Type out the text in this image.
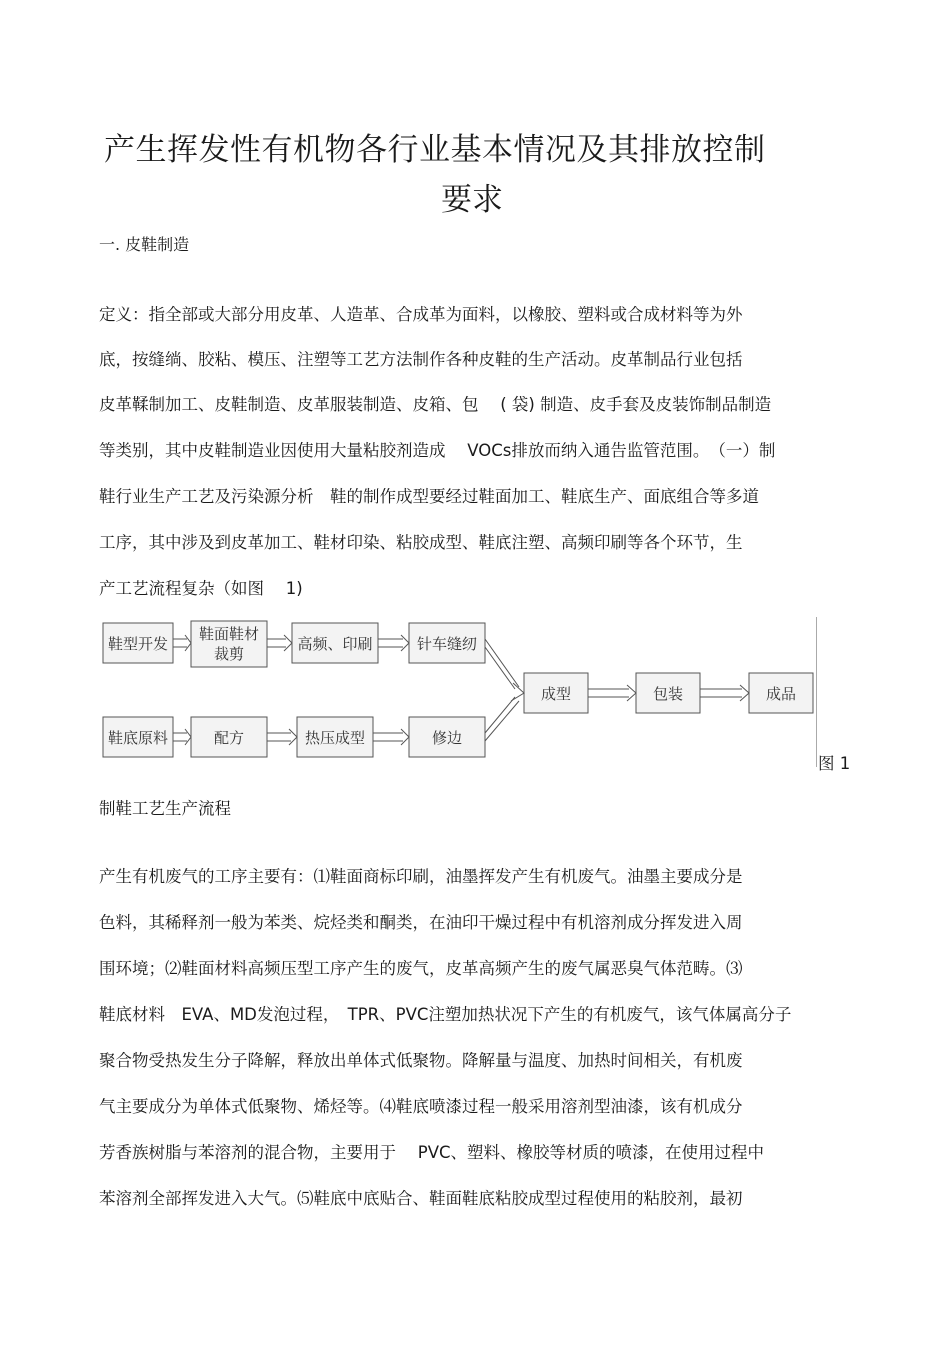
产生挥发性有机物各行业基本情况及其排放控制
要求
一. 皮鞋制造
定义：指全部或大部分用皮革、人造革、合成革为面料，以橡胶、塑料或合成材料等为外
底，按缝绱、胶粘、模压、注塑等工艺方法制作各种皮鞋的生产活动。皮革制品行业包括
皮革鞣制加工、皮鞋制造、皮革服装制造、皮箱、包　 ( 袋) 制造、皮手套及皮装饰制品制造
等类别，其中皮鞋制造业因使用大量粘胶剂造成　 VOCs排放而纳入通告监管范围。　（一）制
鞋行业生产工艺及污染源分析　鞋的制作成型要经过鞋面加工、鞋底生产、面底组合等多道
工序，其中涉及到皮革加工、鞋材印染、粘胶成型、鞋底注塑、高频印刷等各个环节，生
产工艺流程复杂（如图　 1)
鞋型开发
鞋面鞋材
裁剪
高频、印刷	针车缝纫
鞋底原料	配方	热压成型	修边
成型	包装	成品
图 1
制鞋工艺生产流程
产生有机废气的工序主要有：⑴鞋面商标印刷，油墨挥发产生有机废气。油墨主要成分是
色料，其稀释剂一般为苯类、烷烃类和酮类，在油印干燥过程中有机溶剂成分挥发进入周
围环境；⑵鞋面材料高频压型工序产生的废气，皮革高频产生的废气属恶臭气体范畴。⑶
鞋底材料　EVA、MD发泡过程，　TPR、PVC注塑加热状况下产生的有机废气，该气体属高分子
聚合物受热发生分子降解，释放出单体式低聚物。降解量与温度、加热时间相关，有机废
气主要成分为单体式低聚物、烯烃等。⑷鞋底喷漆过程一般采用溶剂型油漆，该有机成分
芳香族树脂与苯溶剂的混合物，主要用于　 PVC、塑料、橡胶等材质的喷漆，在使用过程中
苯溶剂全部挥发进入大气。⑸鞋底中底贴合、鞋面鞋底粘胶成型过程使用的粘胶剂，最初
